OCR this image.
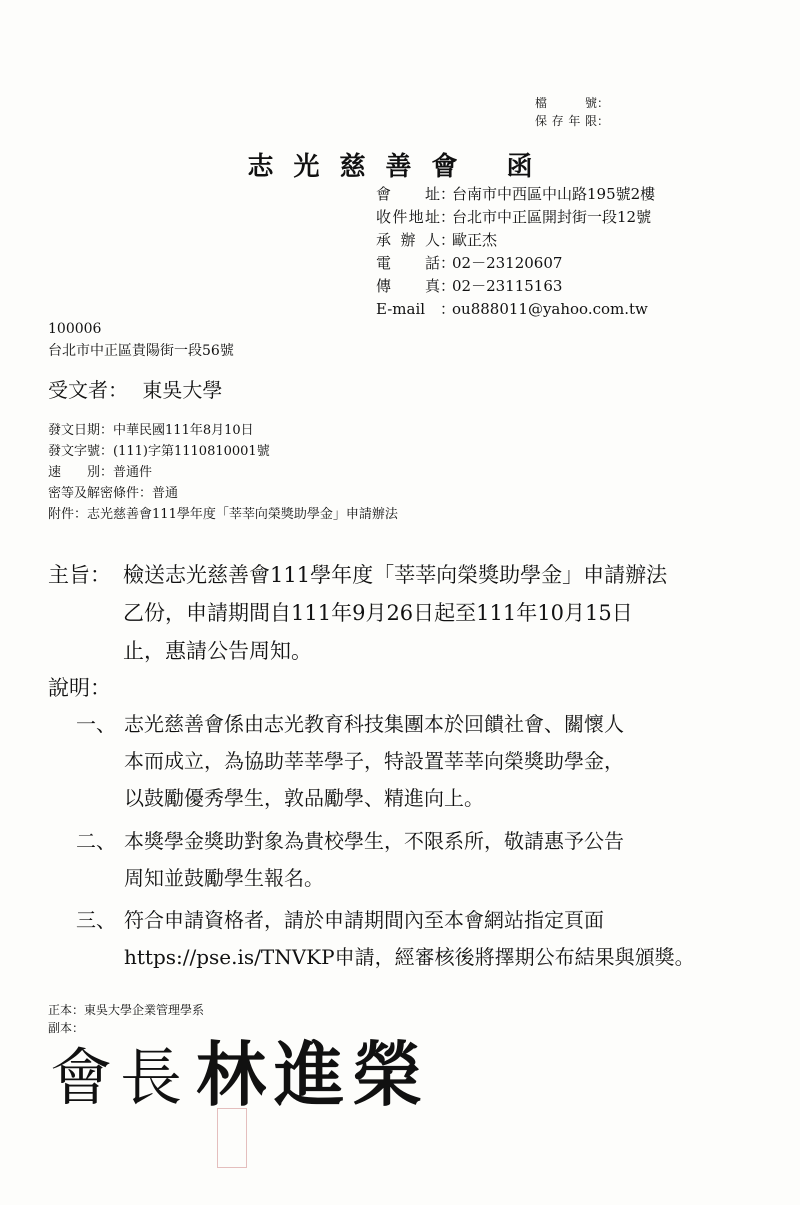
檔 號：
保存年限：
志光慈善會 函
會址 ：
台南市中西區中山路195號2樓
收件地址 ：
台北市中正區開封街一段12號
承辦人 ：
歐正杰
電話 ：
02－23120607
傳真 ：
02－23115163
E-mail ：
ou888011@yahoo.com.tw
100006
台北市中正區貴陽街一段56號
受文者： 東吳大學
發文日期 ： 中華民國111年8月10日
發文字號 ： (111)字第1110810001號
速別 ： 普通件
密等及解密條件 ： 普通
附件 ： 志光慈善會111學年度「莘莘向榮獎助學金」申請辦法
主旨： 檢送志光慈善會111學年度「莘莘向榮獎助學金」申請辦法
乙份，申請期間自111年9月26日起至111年10月15日
止，惠請公告周知。
說明：
一、 志光慈善會係由志光教育科技集團本於回饋社會、關懷人
本而成立，為協助莘莘學子，特設置莘莘向榮獎助學金，
以鼓勵優秀學生，敦品勵學、精進向上。
二、 本獎學金獎助對象為貴校學生，不限系所，敬請惠予公告
周知並鼓勵學生報名。
三、 符合申請資格者，請於申請期間內至本會網站指定頁面
https://pse.is/TNVKP申請，經審核後將擇期公布結果與頒獎。
正本：東吳大學企業管理學系
副本：
會長林進榮
